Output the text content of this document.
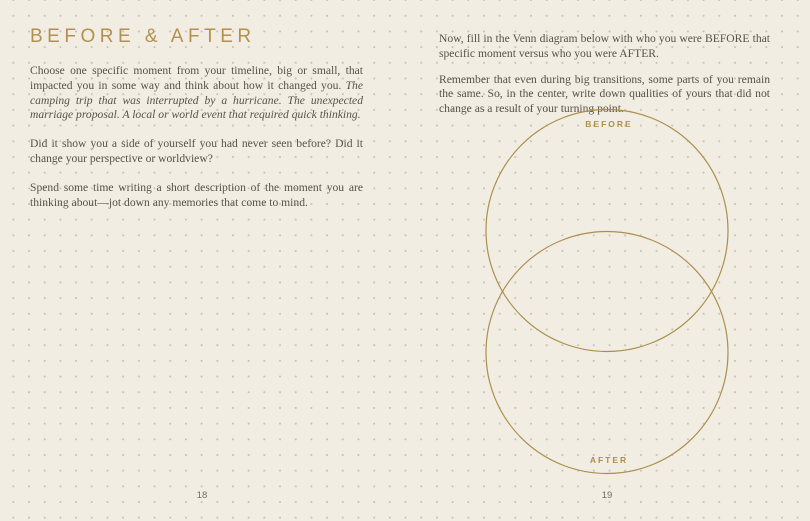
BEFORE & AFTER

Choose one specific moment from your timeline, big or small, that impacted you in some way and think about how it changed you. The camping trip that was interrupted by a hurricane. The unexpected marriage proposal. A local or world event that required quick thinking.

Did it show you a side of yourself you had never seen before? Did it change your perspective or worldview?

Spend some time writing a short description of the moment you are thinking about—jot down any memories that come to mind.

Now, fill in the Venn diagram below with who you were BEFORE that specific moment versus who you were AFTER.

Remember that even during big transitions, some parts of you remain the same. So, in the center, write down qualities of yours that did not change as a result of your turning point.

BEFORE
AFTER
18	19
